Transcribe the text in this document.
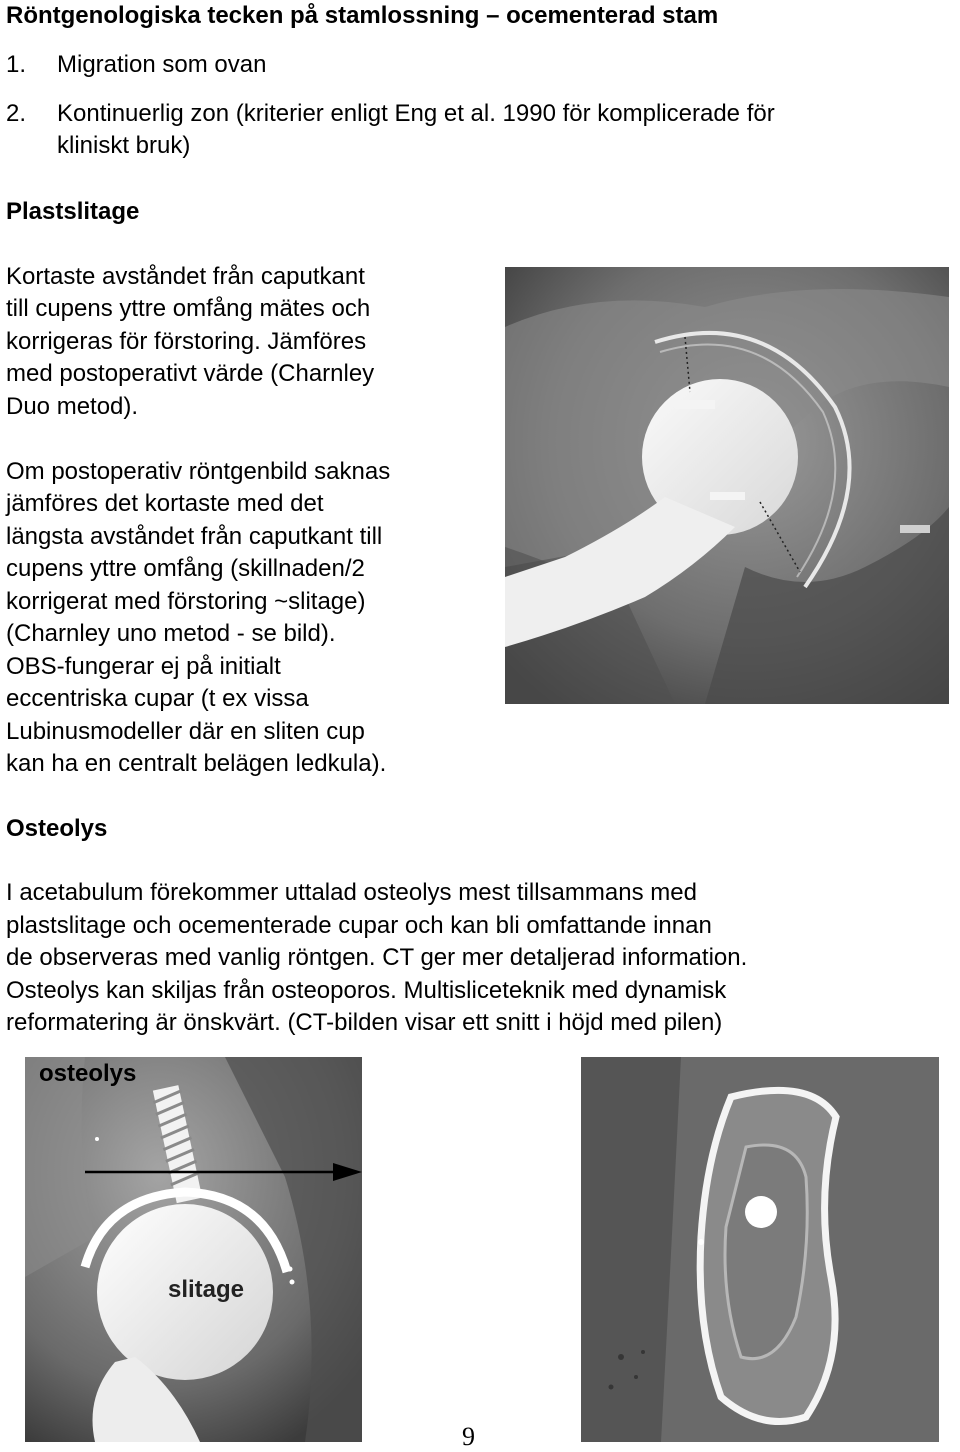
Röntgenologiska tecken på stamlossning – ocementerad stam

1. Migration som ovan

2. Kontinuerlig zon (kriterier enligt Eng et al. 1990 för komplicerade för

kliniskt bruk)

Plastslitage

Kortaste avståndet från caputkant

till cupens yttre omfång mätes och

korrigeras för förstoring. Jämföres

med postoperativt värde (Charnley

Duo metod).

Om postoperativ röntgenbild saknas

jämföres det kortaste med det

längsta avståndet från caputkant till

cupens yttre omfång (skillnaden/2

korrigerat med förstoring ~slitage)

(Charnley uno metod - se bild).

OBS-fungerar ej på initialt

eccentriska cupar (t ex vissa

Lubinusmodeller där en sliten cup

kan ha en centralt belägen ledkula).

Osteolys

I acetabulum förekommer uttalad osteolys mest tillsammans med

plastslitage och ocementerade cupar och kan bli omfattande innan

de observeras med vanlig röntgen. CT ger mer detaljerad information.

Osteolys kan skiljas från osteoporos. Multisliceteknik med dynamisk

reformatering är önskvärt. (CT-bilden visar ett snitt i höjd med pilen)

osteolys
slitage
9
